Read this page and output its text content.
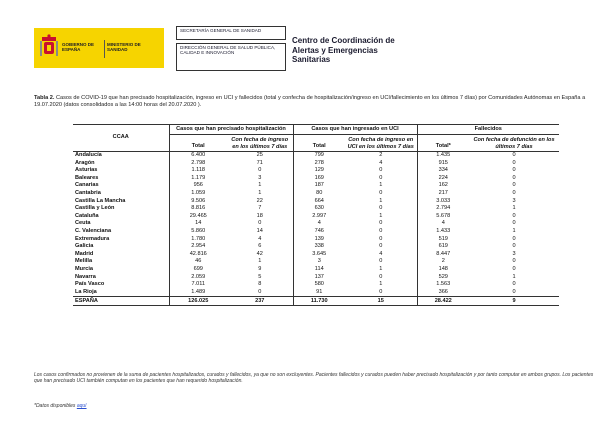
GOBIERNO DE ESPAÑA
MINISTERIO DE SANIDAD
SECRETARÍA GENERAL DE SANIDAD
DIRECCIÓN GENERAL DE SALUD PÚBLICA, CALIDAD E INNOVACIÓN
Centro de Coordinación de
Alertas y Emergencias
Sanitarias
Tabla 2. Casos de COVID-19 que han precisado hospitalización, ingreso en UCI y fallecidos (total y confecha de hospitalización/ingreso en UCI/fallecimiento en los últimos 7 días) por Comunidades Autónomas en España a 19.07.2020 (datos consolidados a las 14:00 horas del 20.07.2020 ).
CCAA	Casos que han precisado hospitalización		Casos que han ingresado en UCI		Fallecidos	
	Total	Con fecha de ingreso en los últimos 7 días	Total	Con fecha de ingreso en UCI en los últimos 7 días	Total*	Con fecha de defunción en los últimos 7 días
Andalucía	6.400	25	799	2	1.435	0
Aragón	2.798	71	278	4	915	0
Asturias	1.118	0	129	0	334	0
Baleares	1.179	3	169	0	224	0
Canarias	956	1	187	1	162	0
Cantabria	1.059	1	80	0	217	0
Castilla La Mancha	9.506	22	664	1	3.033	3
Castilla y León	8.816	7	630	0	2.794	1
Cataluña	29.465	18	2.997	1	5.678	0
Ceuta	14	0	4	0	4	0
C. Valenciana	5.860	14	746	0	1.433	1
Extremadura	1.780	4	139	0	519	0
Galicia	2.954	6	338	0	619	0
Madrid	42.816	42	3.645	4	8.447	3
Melilla	46	1	3	0	2	0
Murcia	699	9	114	1	148	0
Navarra	2.059	5	137	0	529	1
País Vasco	7.011	8	580	1	1.563	0
La Rioja	1.489	0	91	0	366	0
ESPAÑA	126.025	237	11.730	15	28.422	9
Los casos confirmados no provienen de la suma de pacientes hospitalizados, curados y fallecidos, ya que no son excluyentes. Pacientes fallecidos y curados pueden haber precisado hospitalización y por tanto computar en ambos grupos. Los pacientes que han precisado UCI también computan en los pacientes que han requerido hospitalización.
*Datos disponibles aquí
